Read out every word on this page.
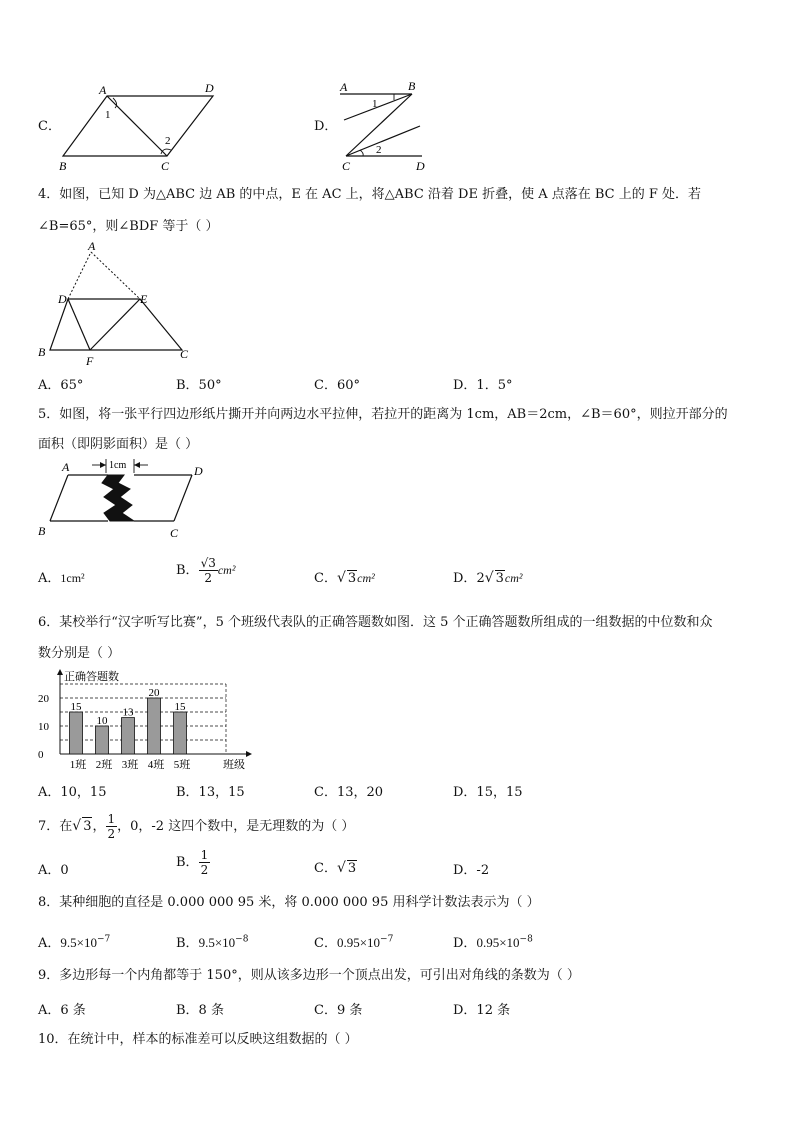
C．
A	D
1
2
B	C
D．
A	B
1
2
C	D
4．如图，已知 D 为△ABC 边 AB 的中点，E 在 AC 上，将△ABC 沿着 DE 折叠，使 A 点落在 BC 上的 F 处．若
∠B=65°，则∠BDF 等于（ ）
A
D	E
B
F	C
A．65°	B．50°	C．60°	D．1．5°
5．如图，将一张平行四边形纸片撕开并向两边水平拉伸，若拉开的距离为 1cm，AB＝2cm，∠B＝60°，则拉开部分的
面积（即阴影面积）是（ ）
1cm
A	D
B	C
A．1cm²	B． $\frac{√3}{2} cm^2$
C．√ 3cm²	D．2√ 3cm²
6．某校举行“汉字听写比赛”，5 个班级代表队的正确答题数如图．这 5 个正确答题数所组成的一组数据的中位数和众
数分别是（ ）
正确答题数
班级
20
10
0
15
1班
10
2班
13
3班
20
4班
15
5班
A．10，15	B．13，15	C．13，20	D．15，15
7．在√ 3， $\frac{1}{2}$ ，0，-2 这四个数中，是无理数的为（ ）
A．0
B． $\frac{1}{2}$	C．√ 3	D．-2
8．某种细胞的直径是 0.000 000 95 米，将 0.000 000 95 用科学计数法表示为（ ）
A．$9.5\times 10^{-7}$	B．$9.5\times 10^{-8}$	C．$0.95\times 10^{-7}$	D．$0.95\times 10^{-8}$
9．多边形每一个内角都等于 150°，则从该多边形一个顶点出发，可引出对角线的条数为（ ）
A．6 条	B．8 条	C．9 条	D．12 条
10．在统计中，样本的标准差可以反映这组数据的（ ）
